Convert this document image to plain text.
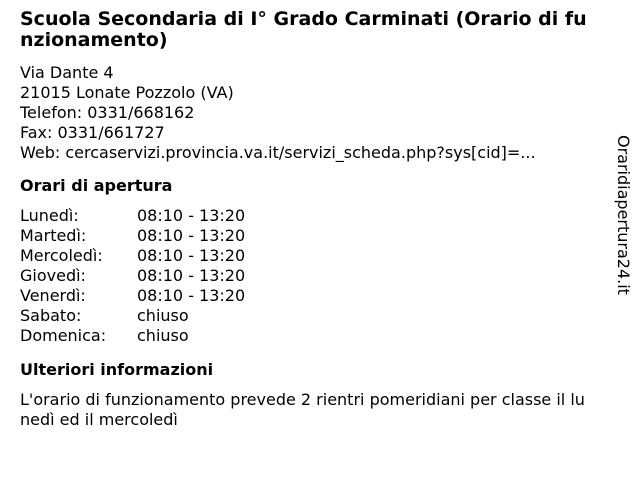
Scuola Secondaria di I° Grado Carminati (Orario di funzionamento)
Via Dante 4
21015 Lonate Pozzolo (VA)
Telefon: 0331/668162
Fax: 0331/661727
Web: cercaservizi.provincia.va.it/servizi_scheda.php?sys[cid]=...
Orari di apertura
Lunedì:	08:10 - 13:20
Martedì:	08:10 - 13:20
Mercoledì:	08:10 - 13:20
Giovedì:	08:10 - 13:20
Venerdì:	08:10 - 13:20
Sabato:	chiuso
Domenica:	chiuso
Ulteriori informazioni
L'orario di funzionamento prevede 2 rientri pomeridiani per classe il lunedì ed il mercoledì
Oraridiapertura24.it
